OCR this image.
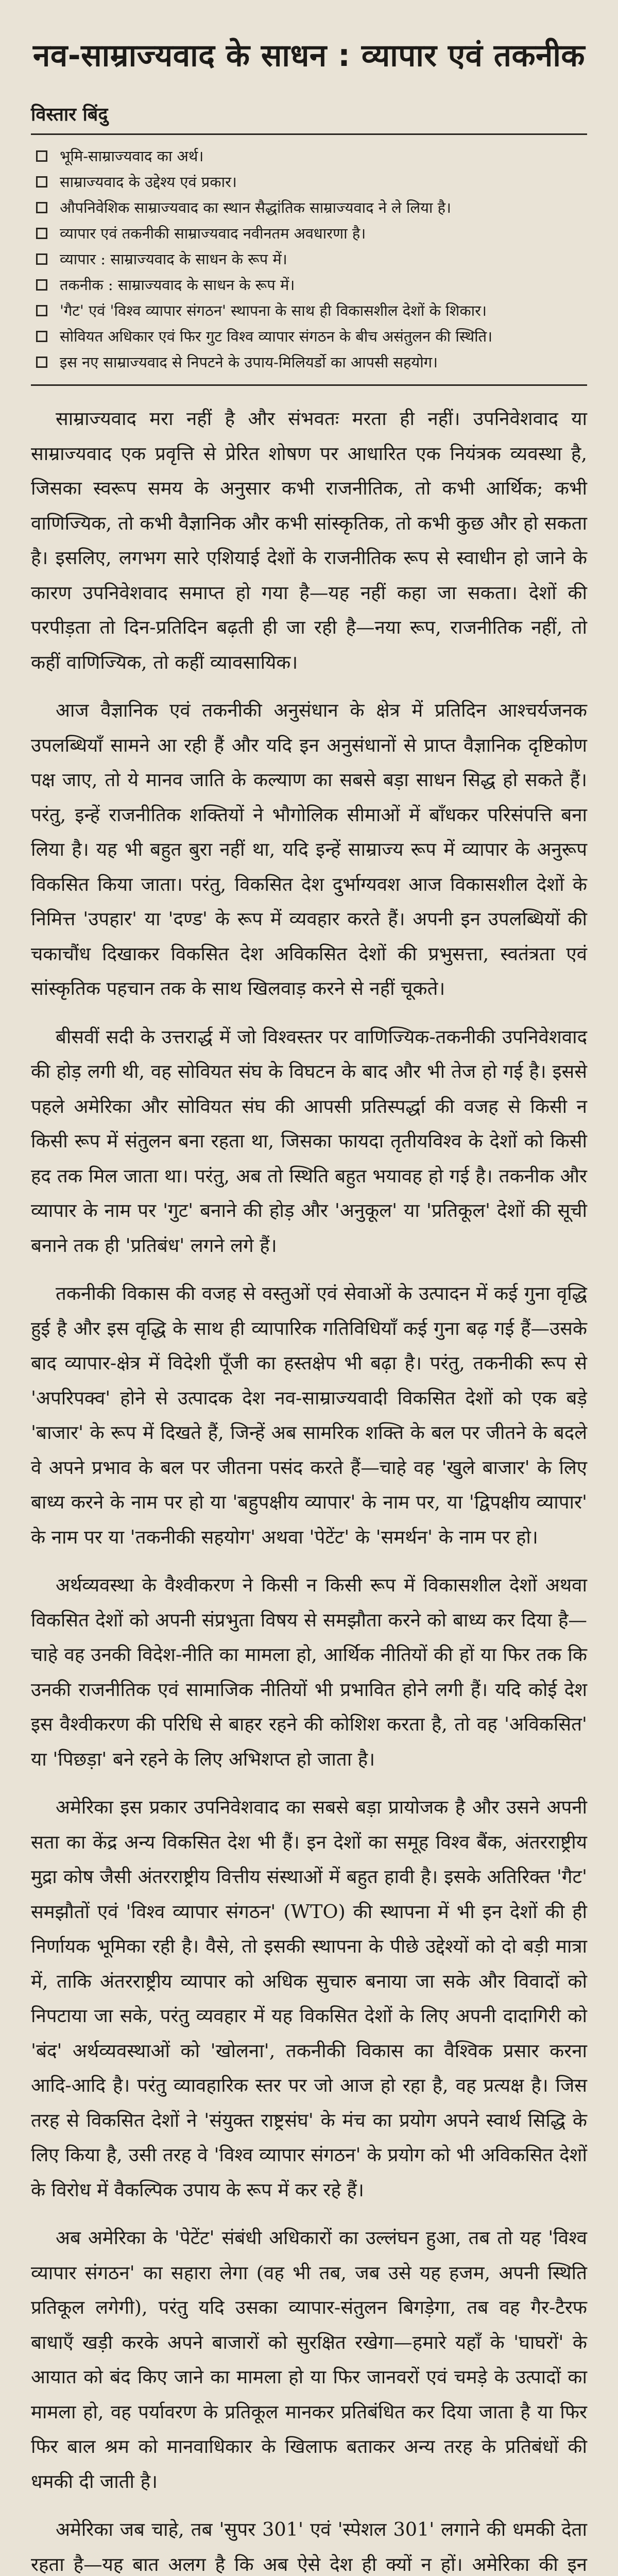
नव-साम्राज्यवाद के साधन : व्यापार एवं तकनीक
विस्तार बिंदु
भूमि-साम्राज्यवाद का अर्थ।
साम्राज्यवाद के उद्देश्य एवं प्रकार।
औपनिवेशिक साम्राज्यवाद का स्थान सैद्धांतिक साम्राज्यवाद ने ले लिया है।
व्यापार एवं तकनीकी साम्राज्यवाद नवीनतम अवधारणा है।
व्यापार : साम्राज्यवाद के साधन के रूप में।
तकनीक : साम्राज्यवाद के साधन के रूप में।
'गैट' एवं 'विश्व व्यापार संगठन' स्थापना के साथ ही विकासशील देशों के शिकार।
सोवियत अधिकार एवं फिर गुट विश्व व्यापार संगठन के बीच असंतुलन की स्थिति।
इस नए साम्राज्यवाद से निपटने के उपाय-मिलियर्डो का आपसी सहयोग।

साम्राज्यवाद मरा नहीं है और संभवतः मरता ही नहीं। उपनिवेशवाद या साम्राज्यवाद एक प्रवृत्ति से प्रेरित शोषण पर आधारित एक नियंत्रक व्यवस्था है, जिसका स्वरूप समय के अनुसार कभी राजनीतिक, तो कभी आर्थिक; कभी वाणिज्यिक, तो कभी वैज्ञानिक और कभी सांस्कृतिक, तो कभी कुछ और हो सकता है। इसलिए, लगभग सारे एशियाई देशों के राजनीतिक रूप से स्वाधीन हो जाने के कारण उपनिवेशवाद समाप्त हो गया है—यह नहीं कहा जा सकता। देशों की परपीड़ता तो दिन-प्रतिदिन बढ़ती ही जा रही है—नया रूप, राजनीतिक नहीं, तो कहीं वाणिज्यिक, तो कहीं व्यावसायिक।

आज वैज्ञानिक एवं तकनीकी अनुसंधान के क्षेत्र में प्रतिदिन आश्चर्यजनक उपलब्धियाँ सामने आ रही हैं और यदि इन अनुसंधानों से प्राप्त वैज्ञानिक दृष्टिकोण पक्ष जाए, तो ये मानव जाति के कल्याण का सबसे बड़ा साधन सिद्ध हो सकते हैं। परंतु, इन्हें राजनीतिक शक्तियों ने भौगोलिक सीमाओं में बाँधकर परिसंपत्ति बना लिया है। यह भी बहुत बुरा नहीं था, यदि इन्हें साम्राज्य रूप में व्यापार के अनुरूप विकसित किया जाता। परंतु, विकसित देश दुर्भाग्यवश आज विकासशील देशों के निमित्त 'उपहार' या 'दण्ड' के रूप में व्यवहार करते हैं। अपनी इन उपलब्धियों की चकाचौंध दिखाकर विकसित देश अविकसित देशों की प्रभुसत्ता, स्वतंत्रता एवं सांस्कृतिक पहचान तक के साथ खिलवाड़ करने से नहीं चूकते।

बीसवीं सदी के उत्तरार्द्ध में जो विश्वस्तर पर वाणिज्यिक-तकनीकी उपनिवेशवाद की होड़ लगी थी, वह सोवियत संघ के विघटन के बाद और भी तेज हो गई है। इससे पहले अमेरिका और सोवियत संघ की आपसी प्रतिस्पर्द्धा की वजह से किसी न किसी रूप में संतुलन बना रहता था, जिसका फायदा तृतीयविश्व के देशों को किसी हद तक मिल जाता था। परंतु, अब तो स्थिति बहुत भयावह हो गई है। तकनीक और व्यापार के नाम पर 'गुट' बनाने की होड़ और 'अनुकूल' या 'प्रतिकूल' देशों की सूची बनाने तक ही 'प्रतिबंध' लगने लगे हैं।

तकनीकी विकास की वजह से वस्तुओं एवं सेवाओं के उत्पादन में कई गुना वृद्धि हुई है और इस वृद्धि के साथ ही व्यापारिक गतिविधियाँ कई गुना बढ़ गई हैं—उसके बाद व्यापार-क्षेत्र में विदेशी पूँजी का हस्तक्षेप भी बढ़ा है। परंतु, तकनीकी रूप से 'अपरिपक्व' होने से उत्पादक देश नव-साम्राज्यवादी विकसित देशों को एक बड़े 'बाजार' के रूप में दिखते हैं, जिन्हें अब सामरिक शक्ति के बल पर जीतने के बदले वे अपने प्रभाव के बल पर जीतना पसंद करते हैं—चाहे वह 'खुले बाजार' के लिए बाध्य करने के नाम पर हो या 'बहुपक्षीय व्यापार' के नाम पर, या 'द्विपक्षीय व्यापार' के नाम पर या 'तकनीकी सहयोग' अथवा 'पेटेंट' के 'समर्थन' के नाम पर हो।

अर्थव्यवस्था के वैश्वीकरण ने किसी न किसी रूप में विकासशील देशों अथवा विकसित देशों को अपनी संप्रभुता विषय से समझौता करने को बाध्य कर दिया है—चाहे वह उनकी विदेश-नीति का मामला हो, आर्थिक नीतियों की हों या फिर तक कि उनकी राजनीतिक एवं सामाजिक नीतियों भी प्रभावित होने लगी हैं। यदि कोई देश इस वैश्वीकरण की परिधि से बाहर रहने की कोशिश करता है, तो वह 'अविकसित' या 'पिछड़ा' बने रहने के लिए अभिशप्त हो जाता है।

अमेरिका इस प्रकार उपनिवेशवाद का सबसे बड़ा प्रायोजक है और उसने अपनी सता का केंद्र अन्य विकसित देश भी हैं। इन देशों का समूह विश्व बैंक, अंतरराष्ट्रीय मुद्रा कोष जैसी अंतरराष्ट्रीय वित्तीय संस्थाओं में बहुत हावी है। इसके अतिरिक्त 'गैट' समझौतों एवं 'विश्व व्यापार संगठन' (WTO) की स्थापना में भी इन देशों की ही निर्णायक भूमिका रही है। वैसे, तो इसकी स्थापना के पीछे उद्देश्यों को दो बड़ी मात्रा में, ताकि अंतरराष्ट्रीय व्यापार को अधिक सुचारु बनाया जा सके और विवादों को निपटाया जा सके, परंतु व्यवहार में यह विकसित देशों के लिए अपनी दादागिरी को 'बंद' अर्थव्यवस्थाओं को 'खोलना', तकनीकी विकास का वैश्विक प्रसार करना आदि-आदि है। परंतु व्यावहारिक स्तर पर जो आज हो रहा है, वह प्रत्यक्ष है। जिस तरह से विकसित देशों ने 'संयुक्त राष्ट्रसंघ' के मंच का प्रयोग अपने स्वार्थ सिद्धि के लिए किया है, उसी तरह वे 'विश्व व्यापार संगठन' के प्रयोग को भी अविकसित देशों के विरोध में वैकल्पिक उपाय के रूप में कर रहे हैं।

अब अमेरिका के 'पेटेंट' संबंधी अधिकारों का उल्लंघन हुआ, तब तो यह 'विश्व व्यापार संगठन' का सहारा लेगा (वह भी तब, जब उसे यह हजम, अपनी स्थिति प्रतिकूल लगेगी), परंतु यदि उसका व्यापार-संतुलन बिगड़ेगा, तब वह गैर-टैरफ बाधाएँ खड़ी करके अपने बाजारों को सुरक्षित रखेगा—हमारे यहाँ के 'घाघरों' के आयात को बंद किए जाने का मामला हो या फिर जानवरों एवं चमड़े के उत्पादों का मामला हो, वह पर्यावरण के प्रतिकूल मानकर प्रतिबंधित कर दिया जाता है या फिर फिर बाल श्रम को मानवाधिकार के खिलाफ बताकर अन्य तरह के प्रतिबंधों की धमकी दी जाती है।

अमेरिका जब चाहे, तब 'सुपर 301' एवं 'स्पेशल 301' लगाने की धमकी देता रहता है—यह बात अलग है कि अब ऐसे देश ही क्यों न हों। अमेरिका की इन
